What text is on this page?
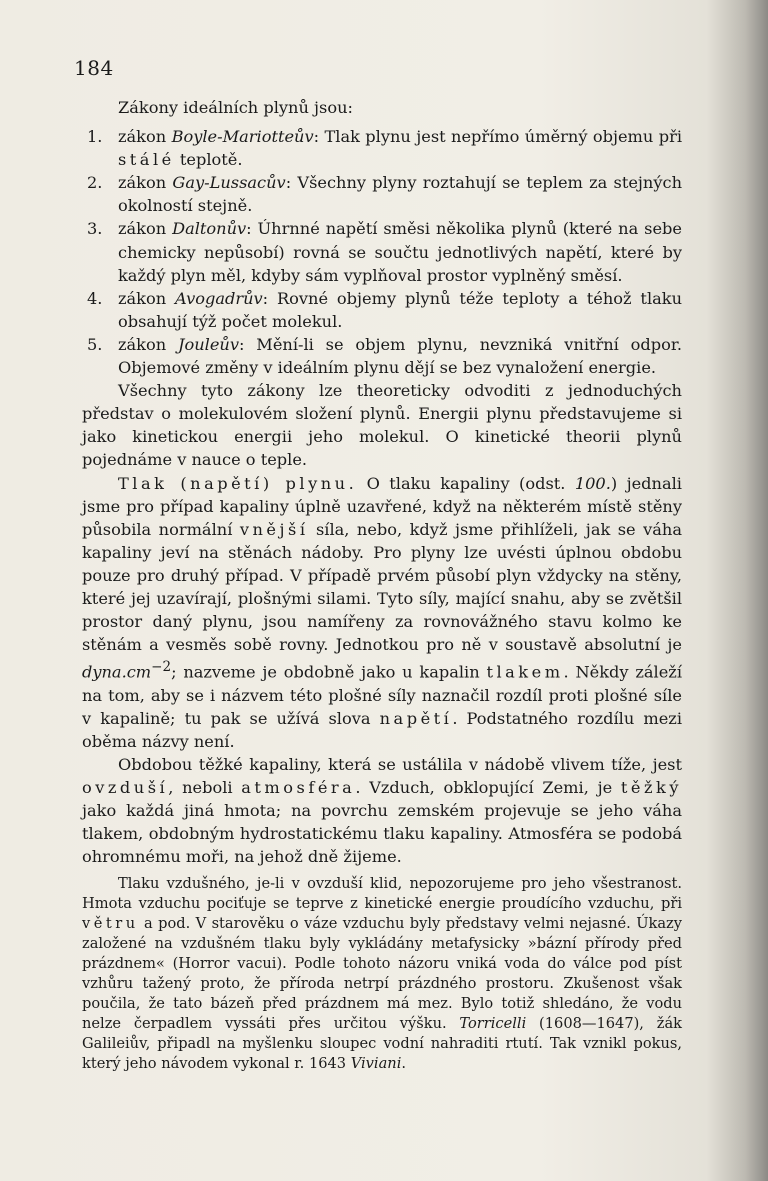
184

Zákony ideálních plynů jsou:

1. zákon Boyle-Mariotteův: Tlak plynu jest nepřímo úměrný objemu při stálé teplotě.

2. zákon Gay-Lussacův: Všechny plyny roztahují se teplem za stejných okolností stejně.

3. zákon Daltonův: Úhrnné napětí směsi několika plynů (které na sebe chemicky nepůsobí) rovná se součtu jednotlivých napětí, které by každý plyn měl, kdyby sám vyplňoval prostor vyplněný směsí.

4. zákon Avogadrův: Rovné objemy plynů téže teploty a téhož tlaku obsahují týž počet molekul.

5. zákon Jouleův: Mění-li se objem plynu, nevzniká vnitřní odpor. Objemové změny v ideálním plynu dějí se bez vynaložení energie.

Všechny tyto zákony lze theoreticky odvoditi z jednoduchých představ o molekulovém složení plynů. Energii plynu představujeme si jako kinetickou energii jeho molekul. O kinetické theorii plynů pojednáme v nauce o teple.

Tlak (napětí) plynu. O tlaku kapaliny (odst. 100.) jednali jsme pro případ kapaliny úplně uzavřené, když na některém místě stěny působila normální vnější síla, nebo, když jsme přihlíželi, jak se váha kapaliny jeví na stěnách nádoby. Pro plyny lze uvésti úplnou obdobu pouze pro druhý případ. V případě prvém působí plyn vždycky na stěny, které jej uzavírají, plošnými silami. Tyto síly, mající snahu, aby se zvětšil prostor daný plynu, jsou namířeny za rovnovážného stavu kolmo ke stěnám a vesměs sobě rovny. Jednotkou pro ně v soustavě absolutní je $dyna.cm^{-2}$; nazveme je obdobně jako u kapalin tlakem. Někdy záleží na tom, aby se i názvem této plošné síly naznačil rozdíl proti plošné síle v kapalině; tu pak se užívá slova napětí. Podstatného rozdílu mezi oběma názvy není.

Obdobou těžké kapaliny, která se ustálila v nádobě vlivem tíže, jest ovzduší, neboli atmosféra. Vzduch, obklopující Zemi, je těžký jako každá jiná hmota; na povrchu zemském projevuje se jeho váha tlakem, obdobným hydrostatickému tlaku kapaliny. Atmosféra se podobá ohromnému moři, na jehož dně žijeme.

Tlaku vzdušného, je-li v ovzduší klid, nepozorujeme pro jeho všestranost. Hmota vzduchu pociťuje se teprve z kinetické energie proudícího vzduchu, při větru a pod. V starověku o váze vzduchu byly představy velmi nejasné. Úkazy založené na vzdušném tlaku byly vykládány metafysicky »bázní přírody před prázdnem« (Horror vacui). Podle tohoto názoru vniká voda do válce pod píst vzhůru tažený proto, že příroda netrpí prázdného prostoru. Zkušenost však poučila, že tato bázeň před prázdnem má mez. Bylo totiž shledáno, že vodu nelze čerpadlem vyssáti přes určitou výšku. Torricelli (1608—1647), žák Galileiův, připadl na myšlenku sloupec vodní nahraditi rtutí. Tak vznikl pokus, který jeho návodem vykonal r. 1643 Viviani.
